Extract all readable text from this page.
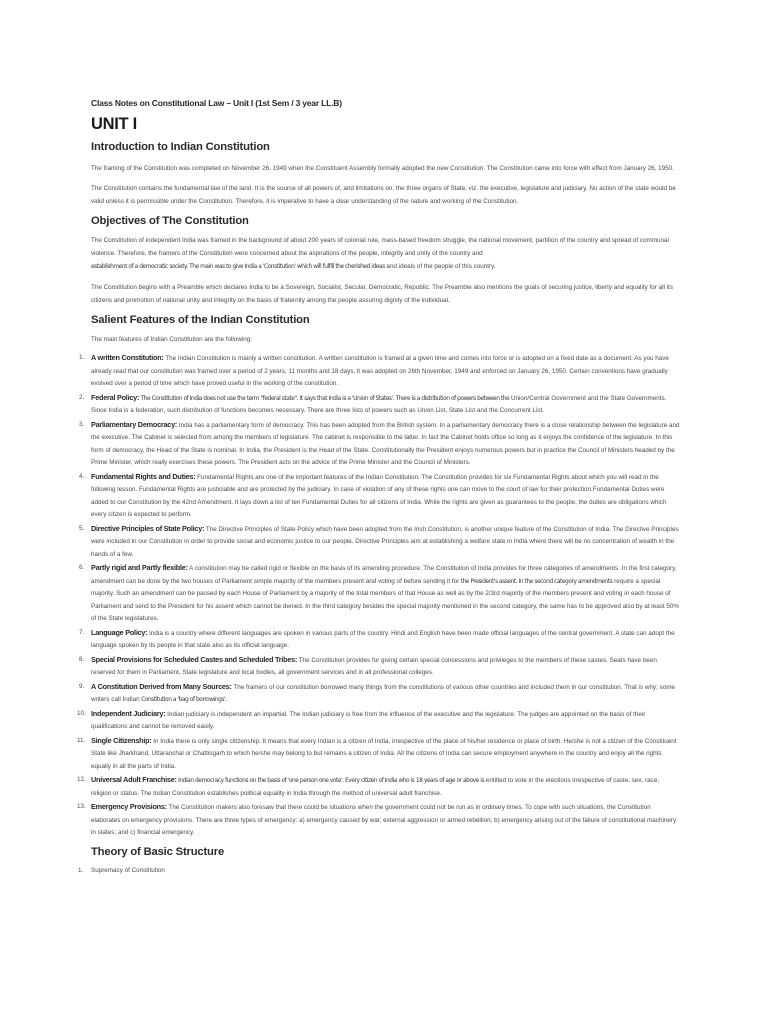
Class Notes on Constitutional Law – Unit I (1st Sem / 3 year LL.B)
UNIT I
Introduction to Indian Constitution

The framing of the Constitution was completed on November 26, 1949 when the Constituent Assembly formally adopted the new Constitution. The Constitution came into force with effect from January 26, 1950.

The Constitution contains the fundamental law of the land. It is the source of all powers of, and limitations on, the three organs of State, viz. the executive, legislature and judiciary. No action of the state would be valid unless it is permissible under the Constitution. Therefore, it is imperative to have a clear understanding of the nature and working of the Constitution.

Objectives of The Constitution

The Constitution of independent India was framed in the background of about 200 years of colonial rule, mass-based freedom struggle, the national movement, partition of the country and spread of communal violence. Therefore, the framers of the Constitution were concerned about the aspirations of the people, integrity and unity of the country and
establishment of a democratic society. The main was to give India a 'Constitution' which will fulfill the cherished ideas and ideals of the people of this country.

The Constitution begins with a Preamble which declares India to be a Sovereign, Socialist, Secular, Democratic, Republic. The Preamble also mentions the goals of securing justice, liberty and equality for all its citizens and promotion of national unity and integrity on the basis of fraternity among the people assuring dignity of the individual.

Salient Features of the Indian Constitution

The main features of Indian Constitution are the following:

1. A written Constitution: The Indian Constitution is mainly a written constitution. A written constitution is framed at a given time and comes into force or is adopted on a fixed date as a document. As you have already read that our constitution was framed over a period of 2 years, 11 months and 18 days, it was adopted on 26th November, 1949 and enforced on January 26, 1950. Certain conventions have gradually evolved over a period of time which have proved useful in the working of the constitution.
2. Federal Policy: The Constitution of India does not use the term "federal state". It says that India is a 'Union of States'. There is a distribution of powers between the Union/Central Government and the State Governments. Since India is a federation, such distribution of functions becomes necessary. There are three lists of powers such as Union List, State List and the Concurrent List.
3. Parliamentary Democracy: India has a parliamentary form of democracy. This has been adopted from the British system. In a parliamentary democracy there is a close relationship between the legislature and the executive. The Cabinet is selected from among the members of legislature. The cabinet is responsible to the latter. In fact the Cabinet holds office so long as it enjoys the confidence of the legislature. In this form of democracy, the Head of the State is nominal. In India, the President is the Head of the State. Constitutionally the President enjoys numerous powers but in practice the Council of Ministers headed by the Prime Minister, which really exercises these powers. The President acts on the advice of the Prime Minister and the Council of Ministers.
4. Fundamental Rights and Duties: Fundamental Rights are one of the important features of the Indian Constitution. The Constitution provides for six Fundamental Rights about which you will read in the following lesson. Fundamental Rights are justiciable and are protected by the judiciary. In case of violation of any of these rights one can move to the court of law for their protection.Fundamental Duties were added to our Constitution by the 42nd Amendment. It lays down a list of ten Fundamental Duties for all citizens of India. While the rights are given as guarantees to the people, the duties are obligations which every citizen is expected to perform.
5. Directive Principles of State Policy: The Directive Principles of State Policy which have been adopted from the Irish Constitution, is another unique feature of the Constitution of India. The Directive Principles were included in our Constitution in order to provide social and economic justice to our people. Directive Principles aim at establishing a welfare state in India where there will be no concentration of wealth in the hands of a few.
6. Partly rigid and Partly flexible: A constitution may be called rigid or flexible on the basis of its amending procedure. The Constitution of India provides for three categories of amendments. In the first category, amendment can be done by the two houses of Parliament simple majority of the members present and voting of before sending it for the President's assent. In the second category amendments require a special majority. Such an amendment can be passed by each House of Parliament by a majority of the total members of that House as well as by the 2/3rd majority of the members present and voting in each house of Parliament and send to the President for his assent which cannot be denied. In the third category besides the special majority mentioned in the second category, the same has to be approved also by at least 50% of the State legislatures.
7. Language Policy: India is a country where different languages are spoken in various parts of the country. Hindi and English have been made official languages of the central government. A state can adopt the language spoken by its people in that state also as its official language.
8. Special Provisions for Scheduled Castes and Scheduled Tribes: The Constitution provides for giving certain special concessions and privileges to the members of these castes. Seats have been reserved for them in Parliament, State legislature and local bodies, all government services and in all professional colleges.
9. A Constitution Derived from Many Sources: The framers of our constitution borrowed many things from the constitutions of various other countries and included them in our constitution. That is why; some writers call Indian Constitution a 'bag of borrowings'.
10. Independent Judiciary: Indian judiciary is independent an impartial. The Indian judiciary is free from the influence of the executive and the legislature. The judges are appointed on the basis of their qualifications and cannot be removed easily.
11. Single Citizenship: In India there is only single citizenship. It means that every Indian is a citizen of India, irrespective of the place of his/her residence or place of birth. He/she is not a citizen of the Constituent State like Jharkhand, Uttaranchal or Chattisgarh to which he/she may belong to but remains a citizen of India. All the citizens of India can secure employment anywhere in the country and enjoy all the rights equally in all the parts of India.
12. Universal Adult Franchise: Indian democracy functions on the basis of 'one person one vote'. Every citizen of India who is 18 years of age or above is entitled to vote in the elections irrespective of caste, sex, race, religion or status. The Indian Constitution establishes political equality in India through the method of universal adult franchise.
13. Emergency Provisions: The Constitution makers also foresaw that there could be situations when the government could not be run as in ordinary times. To cope with such situations, the Constitution elaborates on emergency provisions. There are three types of emergency: a) emergency caused by war, external aggression or armed rebellion; b) emergency arising out of the failure of constitutional machinery in states; and c) financial emergency.
Theory of Basic Structure
1. Supremacy of Constitution
